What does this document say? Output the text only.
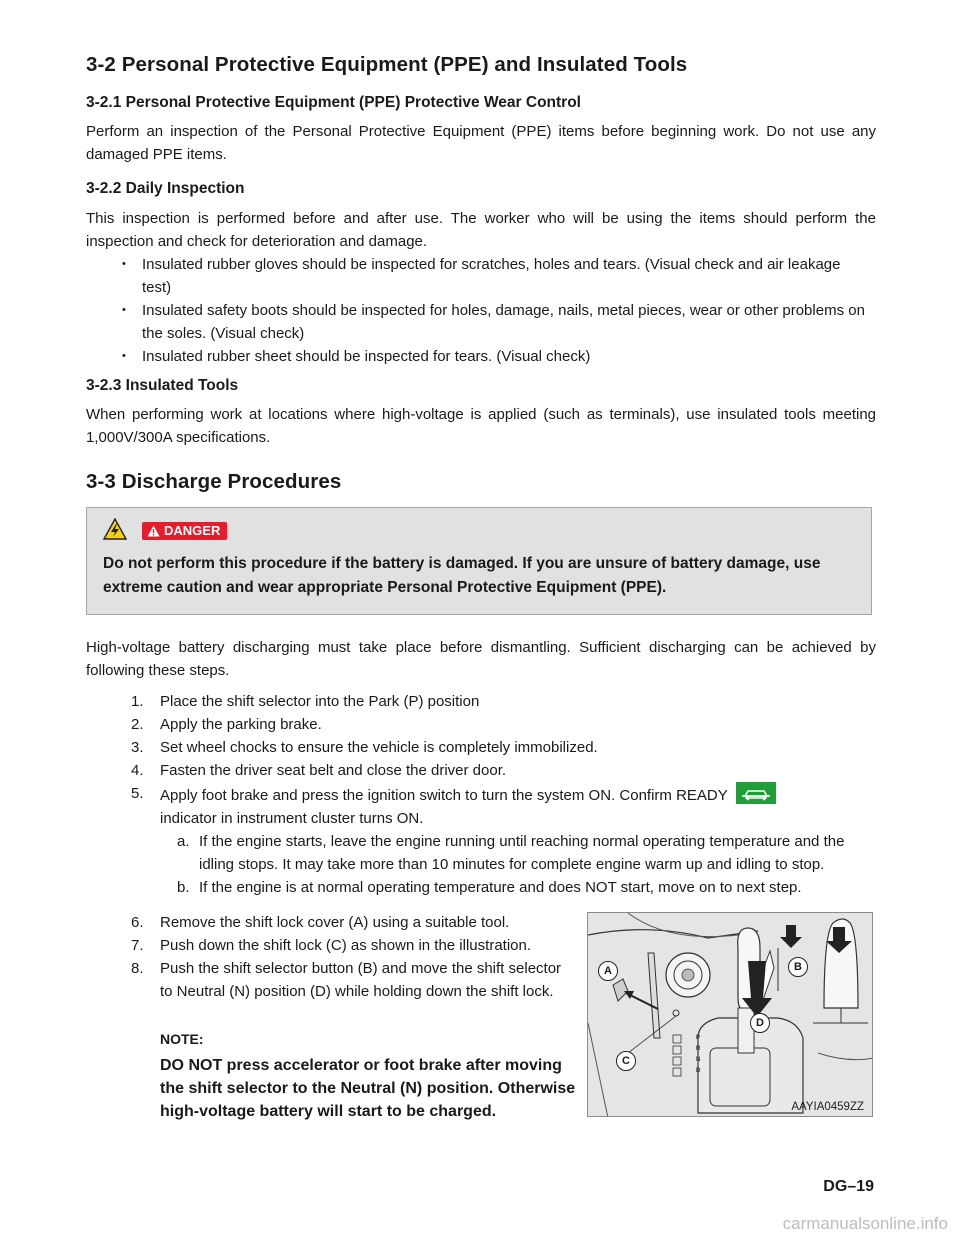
3-2 Personal Protective Equipment (PPE) and Insulated Tools
3-2.1 Personal Protective Equipment (PPE) Protective Wear Control
Perform an inspection of the Personal Protective Equipment (PPE) items before beginning work. Do not use any damaged PPE items.
3-2.2 Daily Inspection
This inspection is performed before and after use. The worker who will be using the items should perform the inspection and check for deterioration and damage.
• Insulated rubber gloves should be inspected for scratches, holes and tears. (Visual check and air leakage test)
• Insulated safety boots should be inspected for holes, damage, nails, metal pieces, wear or other problems on the soles. (Visual check)
• Insulated rubber sheet should be inspected for tears. (Visual check)
3-2.3 Insulated Tools
When performing work at locations where high-voltage is applied (such as terminals), use insulated tools meeting 1,000V/300A specifications.
3-3 Discharge Procedures
DANGER
Do not perform this procedure if the battery is damaged. If you are unsure of battery damage, use extreme caution and wear appropriate Personal Protective Equipment (PPE).
High-voltage battery discharging must take place before dismantling. Sufficient discharging can be achieved by following these steps.
1. Place the shift selector into the Park (P) position
2. Apply the parking brake.
3. Set wheel chocks to ensure the vehicle is completely immobilized.
4. Fasten the driver seat belt and close the driver door.
5. Apply foot brake and press the ignition switch to turn the system ON. Confirm READY
indicator in instrument cluster turns ON.
a. If the engine starts, leave the engine running until reaching normal operating temperature and the idling stops. It may take more than 10 minutes for complete engine warm up and idling to stop.
b. If the engine is at normal operating temperature and does NOT start, move on to next step.
6. Remove the shift lock cover (A) using a suitable tool.
7. Push down the shift lock (C) as shown in the illustration.
8. Push the shift selector button (B) and move the shift selector to Neutral (N) position (D) while holding down the shift lock.
NOTE:
DO NOT press accelerator or foot brake after moving the shift selector to the Neutral (N) position. Otherwise high-voltage battery will start to be charged.
P
R
N
D
A	B
C
D
AAYIA0459ZZ
DG–19
carmanualsonline.info
